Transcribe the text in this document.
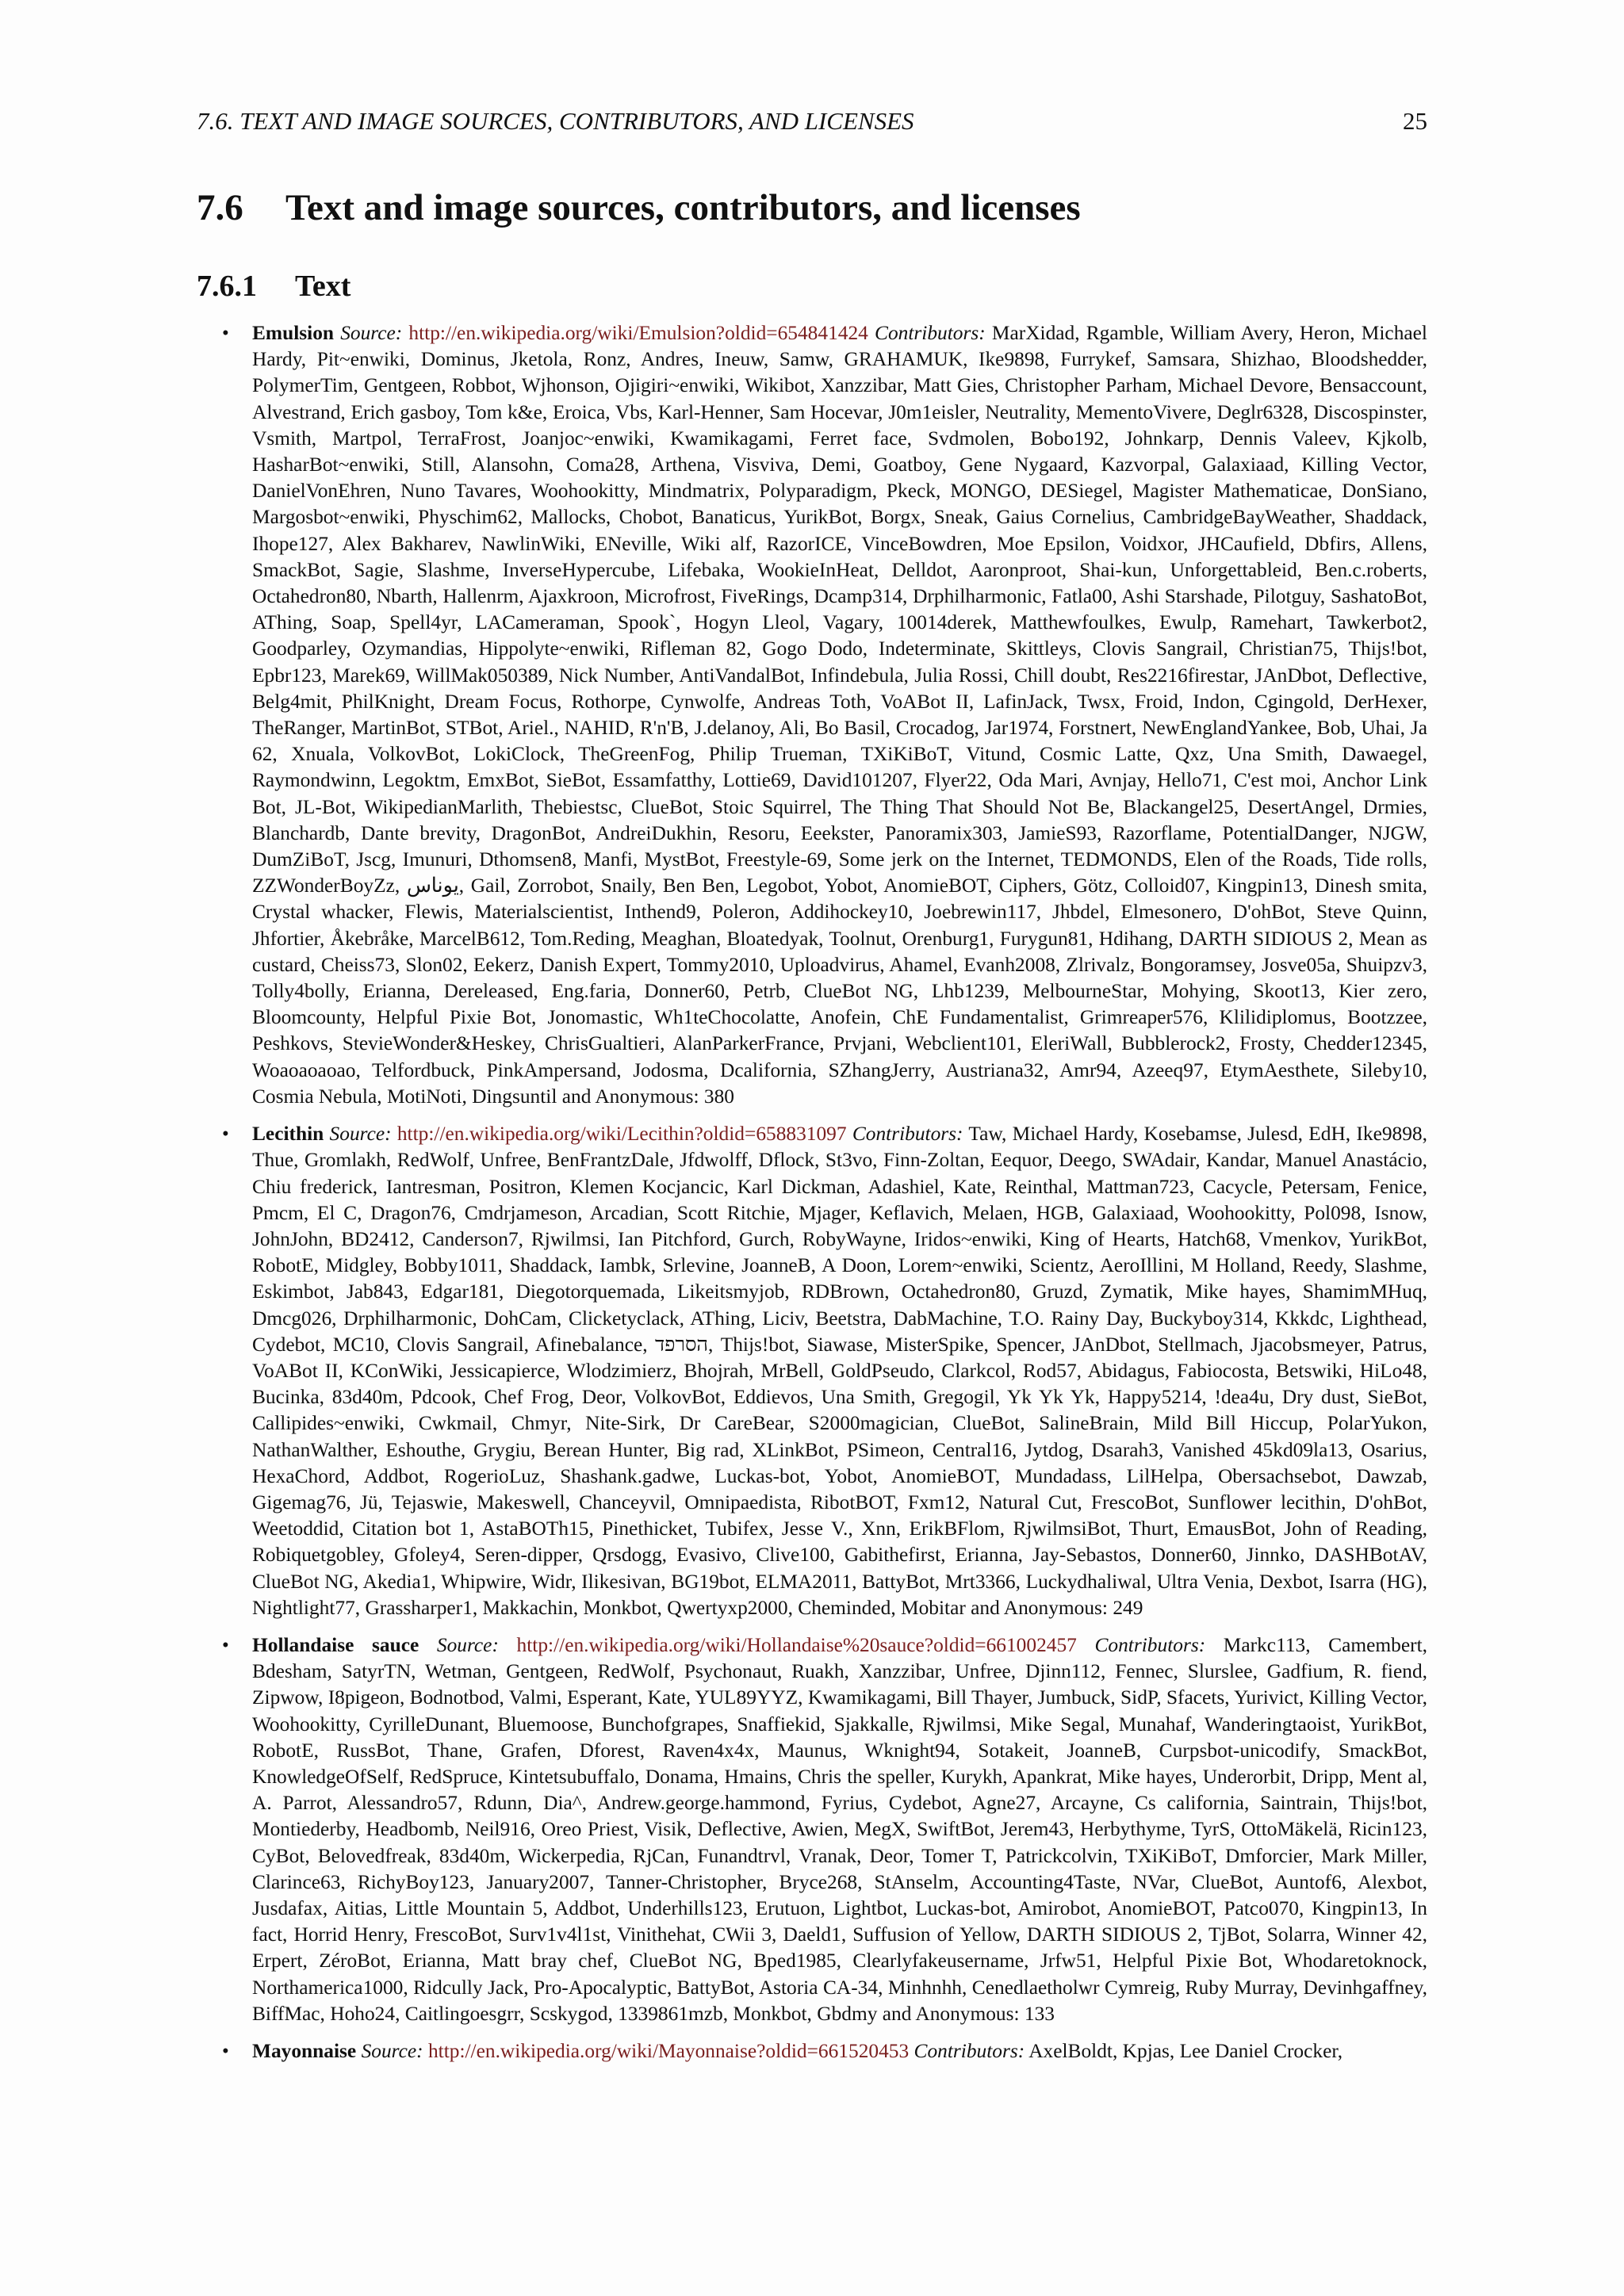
7.6. TEXT AND IMAGE SOURCES, CONTRIBUTORS, AND LICENSES	25
7.6 Text and image sources, contributors, and licenses
7.6.1 Text
• Emulsion Source: http://en.wikipedia.org/wiki/Emulsion?oldid=654841424 Contributors: MarXidad, Rgamble, William Avery, Heron, Michael Hardy, Pit~enwiki, Dominus, Jketola, Ronz, Andres, Ineuw, Samw, GRAHAMUK, Ike9898, Furrykef, Samsara, Shizhao, Bloodshedder, PolymerTim, Gentgeen, Robbot, Wjhonson, Ojigiri~enwiki, Wikibot, Xanzzibar, Matt Gies, Christopher Parham, Michael Devore, Bensaccount, Alvestrand, Erich gasboy, Tom k&e, Eroica, Vbs, Karl-Henner, Sam Hocevar, J0m1eisler, Neutrality, MementoVivere, Deglr6328, Discospinster, Vsmith, Martpol, TerraFrost, Joanjoc~enwiki, Kwamikagami, Ferret face, Svdmolen, Bobo192, Johnkarp, Dennis Valeev, Kjkolb, HasharBot~enwiki, Still, Alansohn, Coma28, Arthena, Visviva, Demi, Goatboy, Gene Nygaard, Kazvorpal, Galaxiaad, Killing Vector, DanielVonEhren, Nuno Tavares, Woohookitty, Mindmatrix, Polyparadigm, Pkeck, MONGO, DESiegel, Magister Mathematicae, DonSiano, Margosbot~enwiki, Physchim62, Mallocks, Chobot, Banaticus, YurikBot, Borgx, Sneak, Gaius Cornelius, CambridgeBayWeather, Shaddack, Ihope127, Alex Bakharev, NawlinWiki, ENeville, Wiki alf, RazorICE, VinceBowdren, Moe Epsilon, Voidxor, JHCaufield, Dbfirs, Allens, SmackBot, Sagie, Slashme, InverseHypercube, Lifebaka, WookieInHeat, Delldot, Aaronproot, Shai-kun, Unforgettableid, Ben.c.roberts, Octahedron80, Nbarth, Hallenrm, Ajaxkroon, Microfrost, FiveRings, Dcamp314, Drphilharmonic, Fatla00, Ashi Starshade, Pilotguy, SashatoBot, AThing, Soap, Spell4yr, LACameraman, Spook`, Hogyn Lleol, Vagary, 10014derek, Matthewfoulkes, Ewulp, Ramehart, Tawkerbot2, Goodparley, Ozymandias, Hippolyte~enwiki, Rifleman 82, Gogo Dodo, Indeterminate, Skittleys, Clovis Sangrail, Christian75, Thijs!bot, Epbr123, Marek69, WillMak050389, Nick Number, AntiVandalBot, Infindebula, Julia Rossi, Chill doubt, Res2216firestar, JAnDbot, Deflective, Belg4mit, PhilKnight, Dream Focus, Rothorpe, Cynwolfe, Andreas Toth, VoABot II, LafinJack, Twsx, Froid, Indon, Cgingold, DerHexer, TheRanger, MartinBot, STBot, Ariel., NAHID, R'n'B, J.delanoy, Ali, Bo Basil, Crocadog, Jar1974, Forstnert, NewEnglandYankee, Bob, Uhai, Ja 62, Xnuala, VolkovBot, LokiClock, TheGreenFog, Philip Trueman, TXiKiBoT, Vitund, Cosmic Latte, Qxz, Una Smith, Dawaegel, Raymondwinn, Legoktm, EmxBot, SieBot, Essamfatthy, Lottie69, David101207, Flyer22, Oda Mari, Avnjay, Hello71, C'est moi, Anchor Link Bot, JL-Bot, WikipedianMarlith, Thebiestsc, ClueBot, Stoic Squirrel, The Thing That Should Not Be, Blackangel25, DesertAngel, Drmies, Blanchardb, Dante brevity, DragonBot, AndreiDukhin, Resoru, Eeekster, Panoramix303, JamieS93, Razorflame, PotentialDanger, NJGW, DumZiBoT, Jscg, Imunuri, Dthomsen8, Manfi, MystBot, Freestyle-69, Some jerk on the Internet, TEDMONDS, Elen of the Roads, Tide rolls, ZZWonderBoyZz, يوناس, Gail, Zorrobot, Snaily, Ben Ben, Legobot, Yobot, AnomieBOT, Ciphers, Götz, Colloid07, Kingpin13, Dinesh smita, Crystal whacker, Flewis, Materialscientist, Inthend9, Poleron, Addihockey10, Joebrewin117, Jhbdel, Elmesonero, D'ohBot, Steve Quinn, Jhfortier, Åkebråke, MarcelB612, Tom.Reding, Meaghan, Bloatedyak, Toolnut, Orenburg1, Furygun81, Hdihang, DARTH SIDIOUS 2, Mean as custard, Cheiss73, Slon02, Eekerz, Danish Expert, Tommy2010, Uploadvirus, Ahamel, Evanh2008, Zlrivalz, Bongoramsey, Josve05a, Shuipzv3, Tolly4bolly, Erianna, Dereleased, Eng.faria, Donner60, Petrb, ClueBot NG, Lhb1239, MelbourneStar, Mohying, Skoot13, Kier zero, Bloomcounty, Helpful Pixie Bot, Jonomastic, Wh1teChocolatte, Anofein, ChE Fundamentalist, Grimreaper576, Klilidiplomus, Bootzzee, Peshkovs, StevieWonder&Heskey, ChrisGualtieri, AlanParkerFrance, Prvjani, Webclient101, EleriWall, Bubblerock2, Frosty, Chedder12345, Woaoaoaoao, Telfordbuck, PinkAmpersand, Jodosma, Dcalifornia, SZhangJerry, Austriana32, Amr94, Azeeq97, EtymAesthete, Sileby10, Cosmia Nebula, MotiNoti, Dingsuntil and Anonymous: 380
• Lecithin Source: http://en.wikipedia.org/wiki/Lecithin?oldid=658831097 Contributors: Taw, Michael Hardy, Kosebamse, Julesd, EdH, Ike9898, Thue, Gromlakh, RedWolf, Unfree, BenFrantzDale, Jfdwolff, Dflock, St3vo, Finn-Zoltan, Eequor, Deego, SWAdair, Kandar, Manuel Anastácio, Chiu frederick, Iantresman, Positron, Klemen Kocjancic, Karl Dickman, Adashiel, Kate, Reinthal, Mattman723, Cacycle, Petersam, Fenice, Pmcm, El C, Dragon76, Cmdrjameson, Arcadian, Scott Ritchie, Mjager, Keflavich, Melaen, HGB, Galaxiaad, Woohookitty, Pol098, Isnow, JohnJohn, BD2412, Canderson7, Rjwilmsi, Ian Pitchford, Gurch, RobyWayne, Iridos~enwiki, King of Hearts, Hatch68, Vmenkov, YurikBot, RobotE, Midgley, Bobby1011, Shaddack, Iambk, Srlevine, JoanneB, A Doon, Lorem~enwiki, Scientz, AeroIllini, M Holland, Reedy, Slashme, Eskimbot, Jab843, Edgar181, Diegotorquemada, Likeitsmyjob, RDBrown, Octahedron80, Gruzd, Zymatik, Mike hayes, ShamimMHuq, Dmcg026, Drphilharmonic, DohCam, Clicketyclack, AThing, Liciv, Beetstra, DabMachine, T.O. Rainy Day, Buckyboy314, Kkkdc, Lighthead, Cydebot, MC10, Clovis Sangrail, Afinebalance, הסרפד, Thijs!bot, Siawase, MisterSpike, Spencer, JAnDbot, Stellmach, Jjacobsmeyer, Patrus, VoABot II, KConWiki, Jessicapierce, Wlodzimierz, Bhojrah, MrBell, GoldPseudo, Clarkcol, Rod57, Abidagus, Fabiocosta, Betswiki, HiLo48, Bucinka, 83d40m, Pdcook, Chef Frog, Deor, VolkovBot, Eddievos, Una Smith, Gregogil, Yk Yk Yk, Happy5214, !dea4u, Dry dust, SieBot, Callipides~enwiki, Cwkmail, Chmyr, Nite-Sirk, Dr CareBear, S2000magician, ClueBot, SalineBrain, Mild Bill Hiccup, PolarYukon, NathanWalther, Eshouthe, Grygiu, Berean Hunter, Big rad, XLinkBot, PSimeon, Central16, Jytdog, Dsarah3, Vanished 45kd09la13, Osarius, HexaChord, Addbot, RogerioLuz, Shashank.gadwe, Luckas-bot, Yobot, AnomieBOT, Mundadass, LilHelpa, Obersachsebot, Dawzab, Gigemag76, Jü, Tejaswie, Makeswell, Chanceyvil, Omnipaedista, RibotBOT, Fxm12, Natural Cut, FrescoBot, Sunflower lecithin, D'ohBot, Weetoddid, Citation bot 1, AstaBOTh15, Pinethicket, Tubifex, Jesse V., Xnn, ErikBFlom, RjwilmsiBot, Thurt, EmausBot, John of Reading, Robiquetgobley, Gfoley4, Seren-dipper, Qrsdogg, Evasivo, Clive100, Gabithefirst, Erianna, Jay-Sebastos, Donner60, Jinnko, DASHBotAV, ClueBot NG, Akedia1, Whipwire, Widr, Ilikesivan, BG19bot, ELMA2011, BattyBot, Mrt3366, Luckydhaliwal, Ultra Venia, Dexbot, Isarra (HG), Nightlight77, Grassharper1, Makkachin, Monkbot, Qwertyxp2000, Cheminded, Mobitar and Anonymous: 249
• Hollandaise sauce Source: http://en.wikipedia.org/wiki/Hollandaise%20sauce?oldid=661002457 Contributors: Markc113, Camembert, Bdesham, SatyrTN, Wetman, Gentgeen, RedWolf, Psychonaut, Ruakh, Xanzzibar, Unfree, Djinn112, Fennec, Slurslee, Gadfium, R. fiend, Zipwow, I8pigeon, Bodnotbod, Valmi, Esperant, Kate, YUL89YYZ, Kwamikagami, Bill Thayer, Jumbuck, SidP, Sfacets, Yurivict, Killing Vector, Woohookitty, CyrilleDunant, Bluemoose, Bunchofgrapes, Snaffiekid, Sjakkalle, Rjwilmsi, Mike Segal, Munahaf, Wanderingtaoist, YurikBot, RobotE, RussBot, Thane, Grafen, Dforest, Raven4x4x, Maunus, Wknight94, Sotakeit, JoanneB, Curpsbot-unicodify, SmackBot, KnowledgeOfSelf, RedSpruce, Kintetsubuffalo, Donama, Hmains, Chris the speller, Kurykh, Apankrat, Mike hayes, Underorbit, Dripp, Ment al, A. Parrot, Alessandro57, Rdunn, Dia^, Andrew.george.hammond, Fyrius, Cydebot, Agne27, Arcayne, Cs california, Saintrain, Thijs!bot, Montiederby, Headbomb, Neil916, Oreo Priest, Visik, Deflective, Awien, MegX, SwiftBot, Jerem43, Herbythyme, TyrS, OttoMäkelä, Ricin123, CyBot, Belovedfreak, 83d40m, Wickerpedia, RjCan, Funandtrvl, Vranak, Deor, Tomer T, Patrickcolvin, TXiKiBoT, Dmforcier, Mark Miller, Clarince63, RichyBoy123, January2007, Tanner-Christopher, Bryce268, StAnselm, Accounting4Taste, NVar, ClueBot, Auntof6, Alexbot, Jusdafax, Aitias, Little Mountain 5, Addbot, Underhills123, Erutuon, Lightbot, Luckas-bot, Amirobot, AnomieBOT, Patco070, Kingpin13, In fact, Horrid Henry, FrescoBot, Surv1v4l1st, Vinithehat, CWii 3, Daeld1, Suffusion of Yellow, DARTH SIDIOUS 2, TjBot, Solarra, Winner 42, Erpert, ZéroBot, Erianna, Matt bray chef, ClueBot NG, Bped1985, Clearlyfakeusername, Jrfw51, Helpful Pixie Bot, Whodaretoknock, Northamerica1000, Ridcully Jack, Pro-Apocalyptic, BattyBot, Astoria CA-34, Minhnhh, Cenedlaetholwr Cymreig, Ruby Murray, Devinhgaffney, BiffMac, Hoho24, Caitlingoesgrr, Scskygod, 1339861mzb, Monkbot, Gbdmy and Anonymous: 133
• Mayonnaise Source: http://en.wikipedia.org/wiki/Mayonnaise?oldid=661520453 Contributors: AxelBoldt, Kpjas, Lee Daniel Crocker,
